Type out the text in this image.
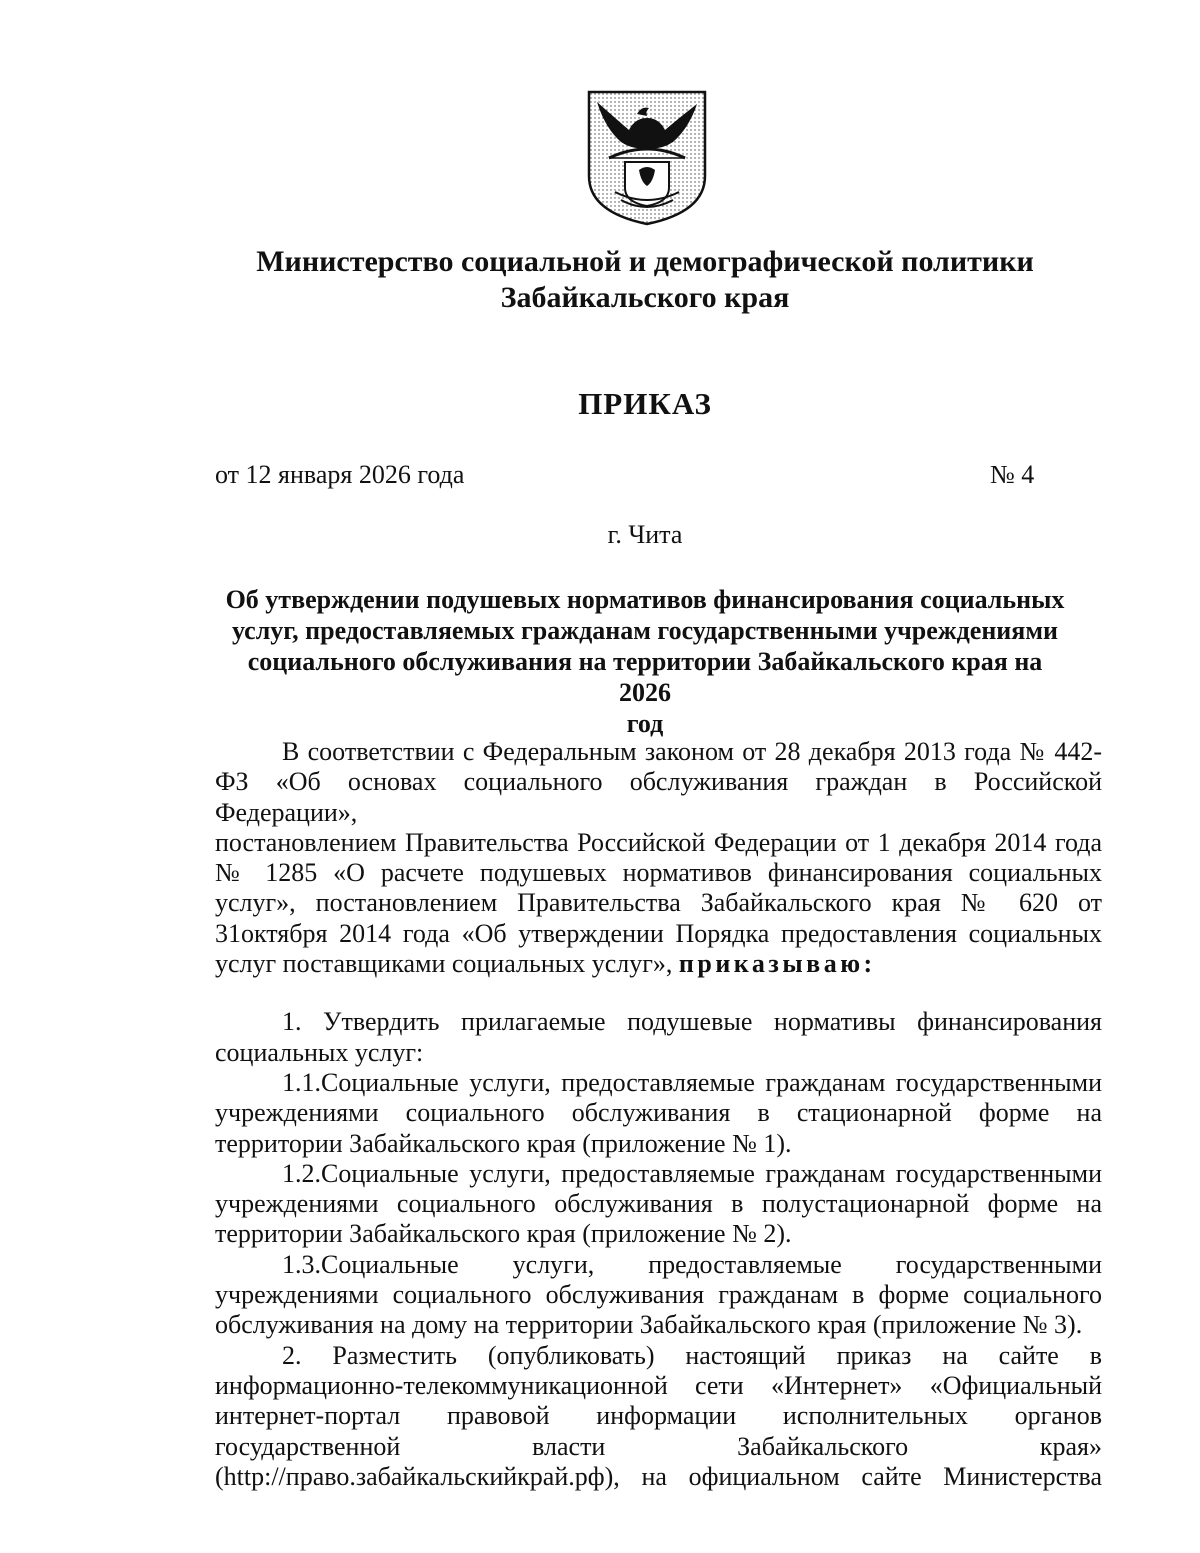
Министерство социальной и демографической политики
Забайкальского края
ПРИКАЗ
от 12 января 2026 года	№ 4
г. Чита
Об утверждении подушевых нормативов финансирования социальных
услуг, предоставляемых гражданам государственными учреждениями
социального обслуживания на территории Забайкальского края на 2026
год
В соответствии с Федеральным законом от 28 декабря 2013 года № 442-
ФЗ «Об основах социального обслуживания граждан в Российской Федерации»,
постановлением Правительства Российской Федерации от 1 декабря 2014 года
№ 1285 «О расчете подушевых нормативов финансирования социальных
услуг», постановлением Правительства Забайкальского края № 620 от
31октября 2014 года «Об утверждении Порядка предоставления социальных
услуг поставщиками социальных услуг», приказываю:
1. Утвердить прилагаемые подушевые нормативы финансирования
социальных услуг:
1.1.Социальные услуги, предоставляемые гражданам государственными
учреждениями социального обслуживания в стационарной форме на
территории Забайкальского края (приложение № 1).
1.2.Социальные услуги, предоставляемые гражданам государственными
учреждениями социального обслуживания в полустационарной форме на
территории Забайкальского края (приложение № 2).
1.3.Социальные услуги, предоставляемые государственными
учреждениями социального обслуживания гражданам в форме социального
обслуживания на дому на территории Забайкальского края (приложение № 3).
2. Разместить (опубликовать) настоящий приказ на сайте в
информационно-телекоммуникационной сети «Интернет» «Официальный
интернет-портал правовой информации исполнительных органов
государственной власти Забайкальского края»
(http://право.забайкальскийкрай.рф), на официальном сайте Министерства
